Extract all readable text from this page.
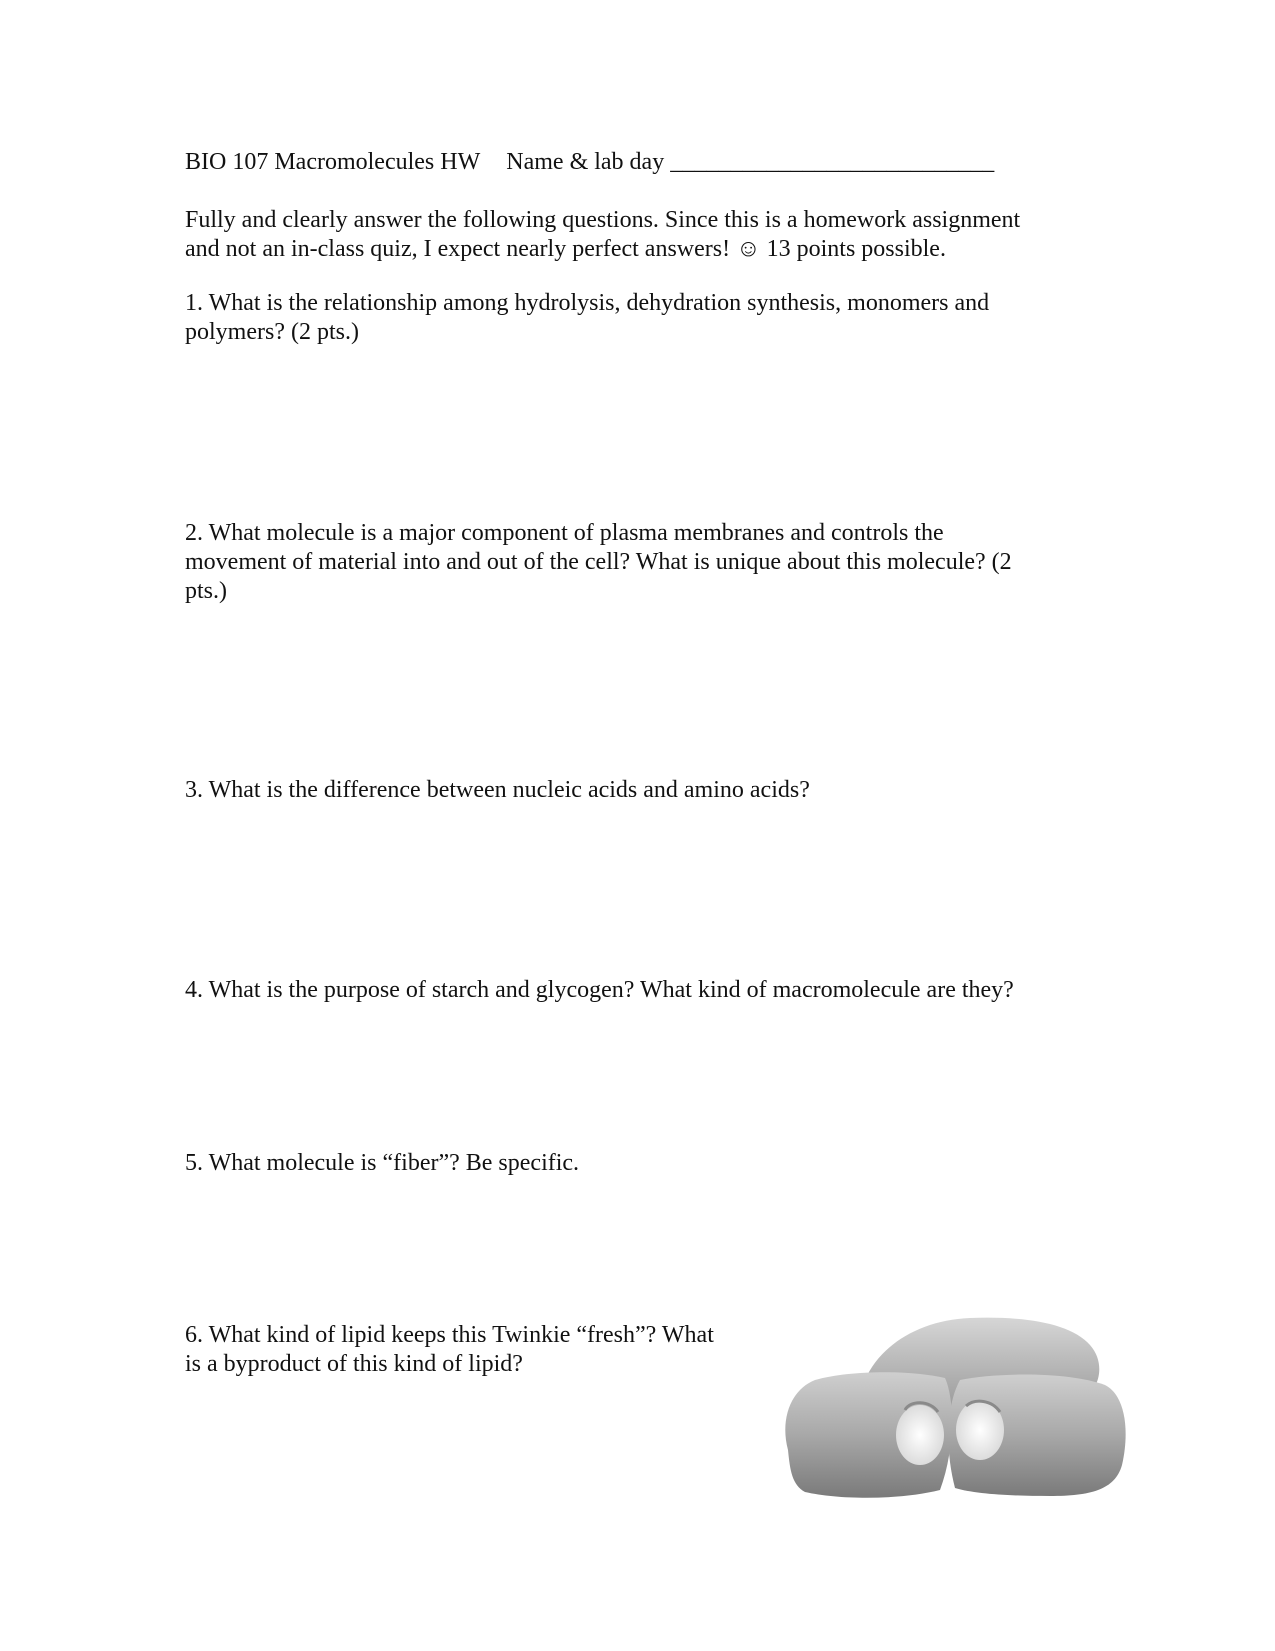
BIO 107 Macromolecules HW Name & lab day ___________________________
Fully and clearly answer the following questions. Since this is a homework assignment
and not an in-class quiz, I expect nearly perfect answers! ☺ 13 points possible.
1. What is the relationship among hydrolysis, dehydration synthesis, monomers and
polymers? (2 pts.)
2. What molecule is a major component of plasma membranes and controls the
movement of material into and out of the cell? What is unique about this molecule? (2
pts.)
3. What is the difference between nucleic acids and amino acids?
4. What is the purpose of starch and glycogen? What kind of macromolecule are they?
5. What molecule is “fiber”? Be specific.
6. What kind of lipid keeps this Twinkie “fresh”? What
is a byproduct of this kind of lipid?
